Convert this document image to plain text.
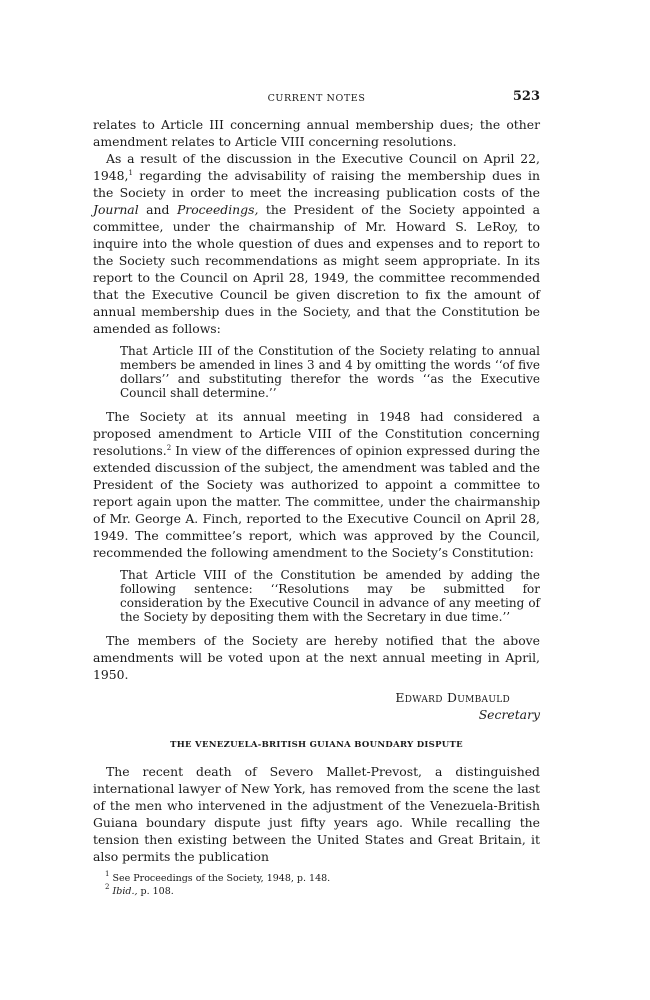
CURRENT NOTES	523

relates to Article III concerning annual membership dues; the other amendment relates to Article VIII concerning resolutions.

As a result of the discussion in the Executive Council on April 22, 1948,$^1$ regarding the advisability of raising the membership dues in the Society in order to meet the increasing publication costs of the Journal and Proceedings, the President of the Society appointed a committee, under the chairmanship of Mr. Howard S. LeRoy, to inquire into the whole question of dues and expenses and to report to the Society such recommendations as might seem appropriate. In its report to the Council on April 28, 1949, the committee recommended that the Executive Council be given discretion to fix the amount of annual membership dues in the Society, and that the Constitution be amended as follows:

That Article III of the Constitution of the Society relating to annual members be amended in lines 3 and 4 by omitting the words ‘‘of five dollars’’ and substituting therefor the words ‘‘as the Executive Council shall determine.’’

The Society at its annual meeting in 1948 had considered a proposed amendment to Article VIII of the Constitution concerning resolutions.$^2$ In view of the differences of opinion expressed during the extended discussion of the subject, the amendment was tabled and the President of the Society was authorized to appoint a committee to report again upon the matter. The committee, under the chairmanship of Mr. George A. Finch, reported to the Executive Council on April 28, 1949. The committee’s report, which was approved by the Council, recommended the following amendment to the Society’s Constitution:

That Article VIII of the Constitution be amended by adding the following sentence: ‘‘Resolutions may be submitted for consideration by the Executive Council in advance of any meeting of the Society by depositing them with the Secretary in due time.’’

The members of the Society are hereby notified that the above amendments will be voted upon at the next annual meeting in April, 1950.

Edward Dumbauld
Secretary
THE VENEZUELA-BRITISH GUIANA BOUNDARY DISPUTE

The recent death of Severo Mallet-Prevost, a distinguished international lawyer of New York, has removed from the scene the last of the men who intervened in the adjustment of the Venezuela-British Guiana boundary dispute just fifty years ago. While recalling the tension then existing between the United States and Great Britain, it also permits the publication

$^1$ See Proceedings of the Society, 1948, p. 148.
$^2$ Ibid., p. 108.
